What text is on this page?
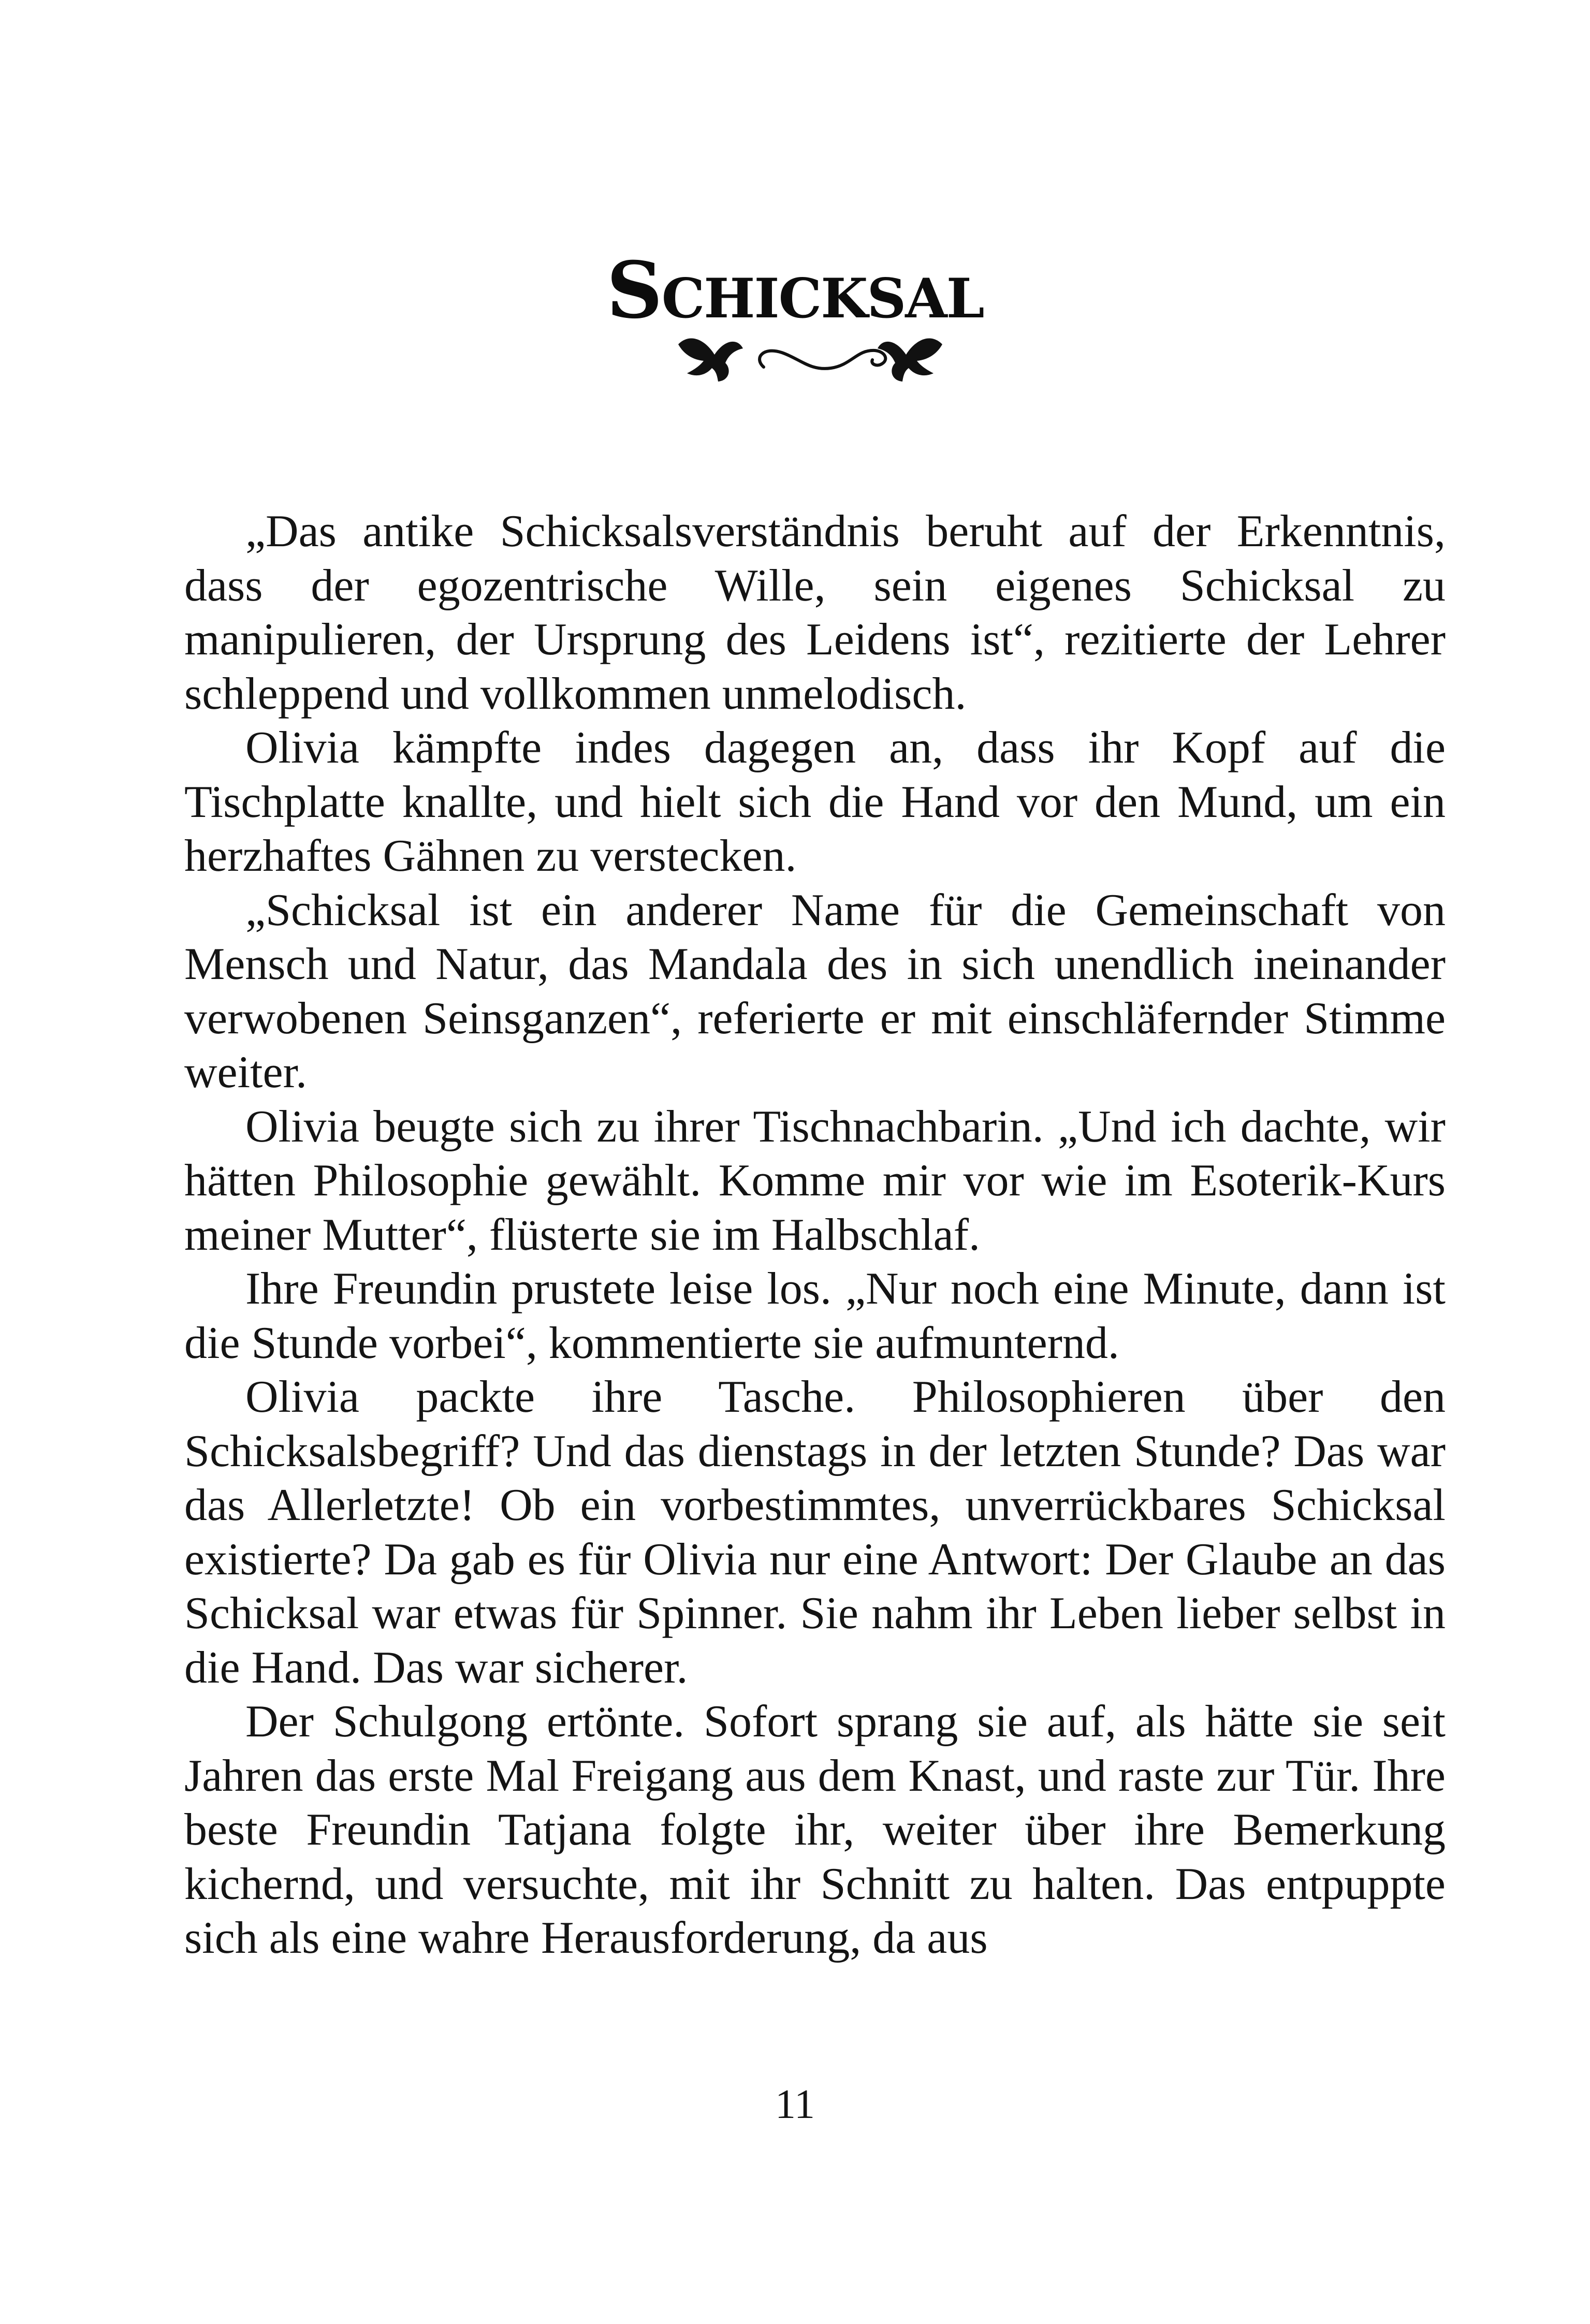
Schicksal

„Das antike Schicksalsverständnis beruht auf der Erkenntnis, dass der egozentrische Wille, sein eigenes Schicksal zu manipulieren, der Ursprung des Leidens ist“, rezitierte der Lehrer schleppend und vollkommen unmelodisch.

Olivia kämpfte indes dagegen an, dass ihr Kopf auf die Tischplatte knallte, und hielt sich die Hand vor den Mund, um ein herzhaftes Gähnen zu verstecken.

„Schicksal ist ein anderer Name für die Gemeinschaft von Mensch und Natur, das Mandala des in sich unendlich ineinander verwobenen Seinsganzen“, referierte er mit einschläfernder Stimme weiter.

Olivia beugte sich zu ihrer Tischnachbarin. „Und ich dachte, wir hätten Philosophie gewählt. Komme mir vor wie im Esoterik-Kurs meiner Mutter“, flüsterte sie im Halbschlaf.

Ihre Freundin prustete leise los. „Nur noch eine Minute, dann ist die Stunde vorbei“, kommentierte sie aufmunternd.

Olivia packte ihre Tasche. Philosophieren über den Schicksalsbegriff? Und das dienstags in der letzten Stunde? Das war das Allerletzte! Ob ein vorbestimmtes, unverrückbares Schicksal existierte? Da gab es für Olivia nur eine Antwort: Der Glaube an das Schicksal war etwas für Spinner. Sie nahm ihr Leben lieber selbst in die Hand. Das war sicherer.

Der Schulgong ertönte. Sofort sprang sie auf, als hätte sie seit Jahren das erste Mal Freigang aus dem Knast, und raste zur Tür. Ihre beste Freundin Tatjana folgte ihr, weiter über ihre Bemerkung kichernd, und versuchte, mit ihr Schnitt zu halten. Das entpuppte sich als eine wahre Herausforderung, da aus

11
